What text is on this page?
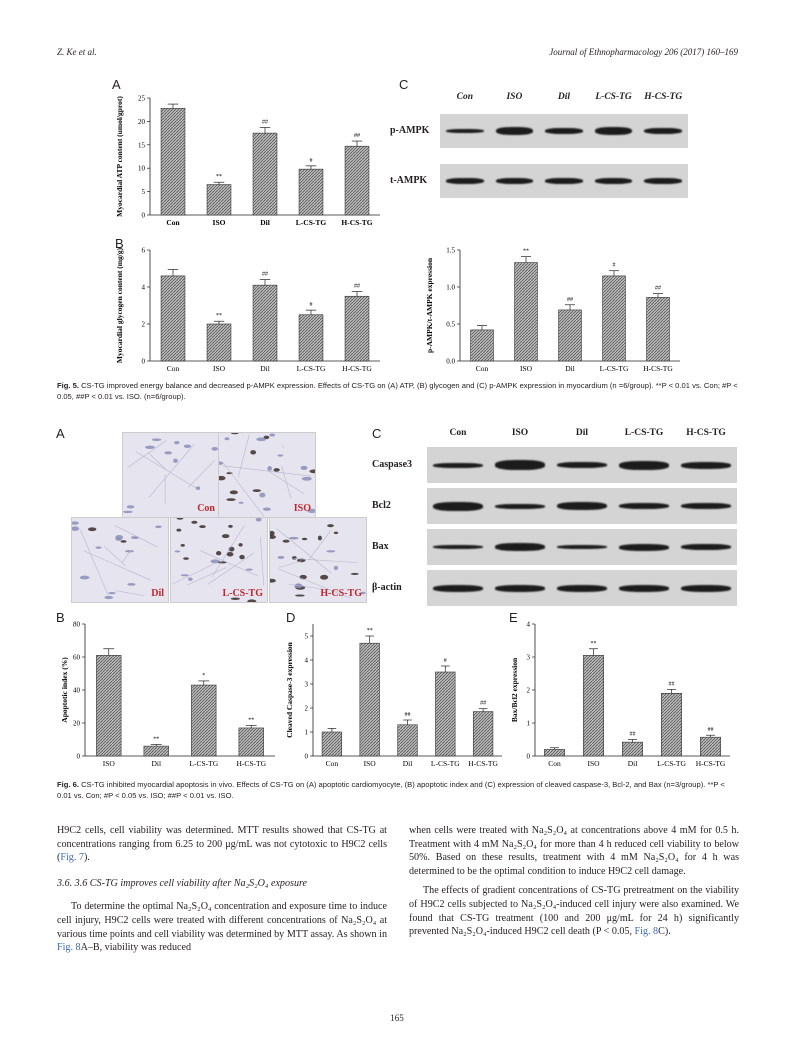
Z. Ke et al.	Journal of Ethnopharmacology 206 (2017) 160–169
A	C
B
0
5
10
15
20
25
Myocardial ATP content (umol/gprot)
Con
**
ISO
##
Dil
#
L-CS-TG
##
H-CS-TG
0
2
4
6
Myocardial glycogen content (mg/g)
Con
**
ISO
##
Dil
#
L-CS-TG
##
H-CS-TG
0.0
0.5
1.0
1.5
p-AMPK/t-AMPK expression
Con
**
ISO
##
Dil
#
L-CS-TG
##
H-CS-TG
Con	ISO	Dil	L-CS-TG	H-CS-TG
p-AMPK
t-AMPK
Fig. 5. CS-TG improved energy balance and decreased p-AMPK expression. Effects of CS-TG on (A) ATP, (B) glycogen and (C) p-AMPK expression in myocardium (n =6/group). **P < 0.01 vs. Con; #P < 0.05, ##P < 0.01 vs. ISO. (n=6/group).
A	C
Con	ISO
Dil	L-CS-TG	H-CS-TG
Con	ISO	Dil	L-CS-TG	H-CS-TG
Caspase3
Bcl2
Bax
β-actin
B	D	E
0
20
40
60
80
Apoptotic index (%)
ISO
**
Dil
*
L-CS-TG
**
H-CS-TG
0
1
2
3
4
5
Cleaved Caspase-3 expression
Con
**
ISO
##
Dil
#
L-CS-TG
##
H-CS-TG
0
1
2
3
4
Bax/Bcl2 expression
Con
**
ISO
##
Dil
##
L-CS-TG
##
H-CS-TG
Fig. 6. CS-TG inhibited myocardial apoptosis in vivo. Effects of CS-TG on (A) apoptotic cardiomyocyte, (B) apoptotic index and (C) expression of cleaved caspase-3, Bcl-2, and Bax (n=3/group). **P < 0.01 vs. Con; #P < 0.05 vs. ISO; ##P < 0.01 vs. ISO.

H9C2 cells, cell viability was determined. MTT results showed that CS-TG at concentrations ranging from 6.25 to 200 μg/mL was not cytotoxic to H9C2 cells (Fig. 7).

3.6. 3.6 CS-TG improves cell viability after Na₂S₂O₄ exposure

To determine the optimal Na₂S₂O₄ concentration and exposure time to induce cell injury, H9C2 cells were treated with different concentrations of Na₂S₂O₄ at various time points and cell viability was determined by MTT assay. As shown in Fig. 8A–B, viability was reduced

when cells were treated with Na₂S₂O₄ at concentrations above 4 mM for 0.5 h. Treatment with 4 mM Na₂S₂O₄ for more than 4 h reduced cell viability to below 50%. Based on these results, treatment with 4 mM Na₂S₂O₄ for 4 h was determined to be the optimal condition to induce H9C2 cell damage.

The effects of gradient concentrations of CS-TG pretreatment on the viability of H9C2 cells subjected to Na₂S₂O₄-induced cell injury were also examined. We found that CS-TG treatment (100 and 200 μg/mL for 24 h) significantly prevented Na₂S₂O₄-induced H9C2 cell death (P < 0.05, Fig. 8C).

165
